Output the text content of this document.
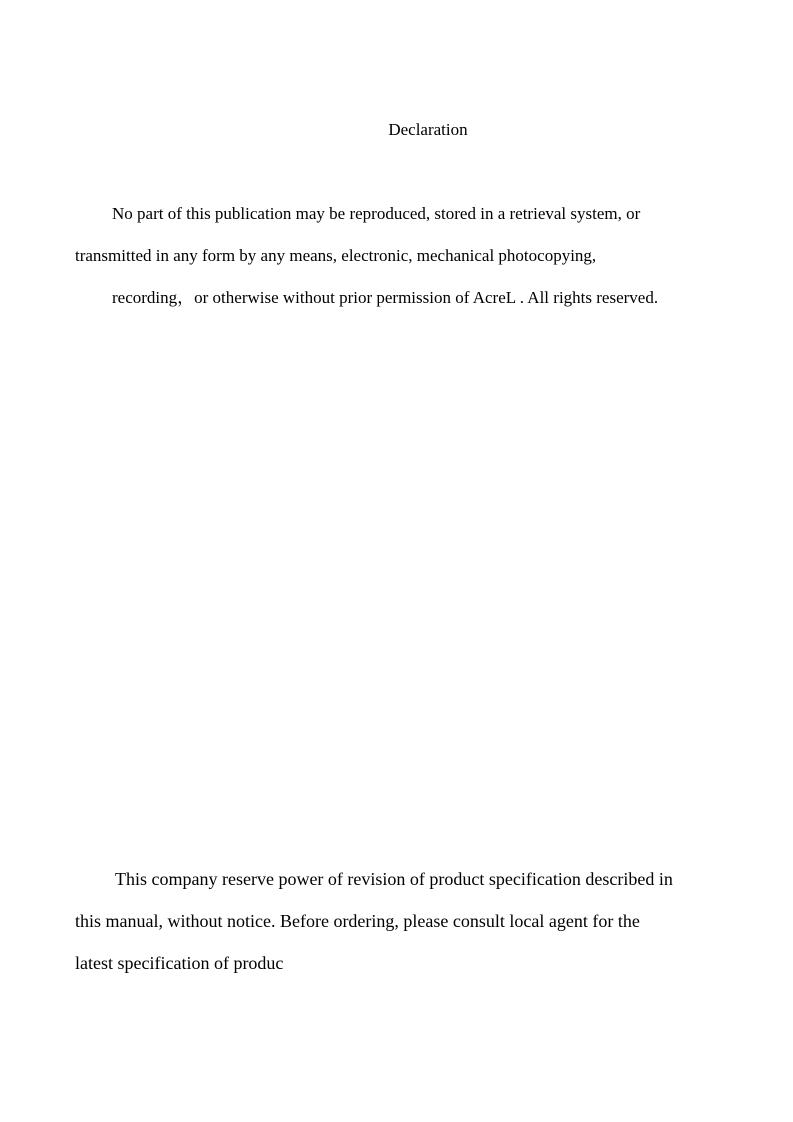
Declaration
No part of this publication may be reproduced, stored in a retrieval system, or
transmitted in any form by any means, electronic, mechanical photocopying,
recording，or otherwise without prior permission of AcreL . All rights reserved.
This company reserve power of revision of product specification described in
this manual, without notice. Before ordering, please consult local agent for the
latest specification of produc
